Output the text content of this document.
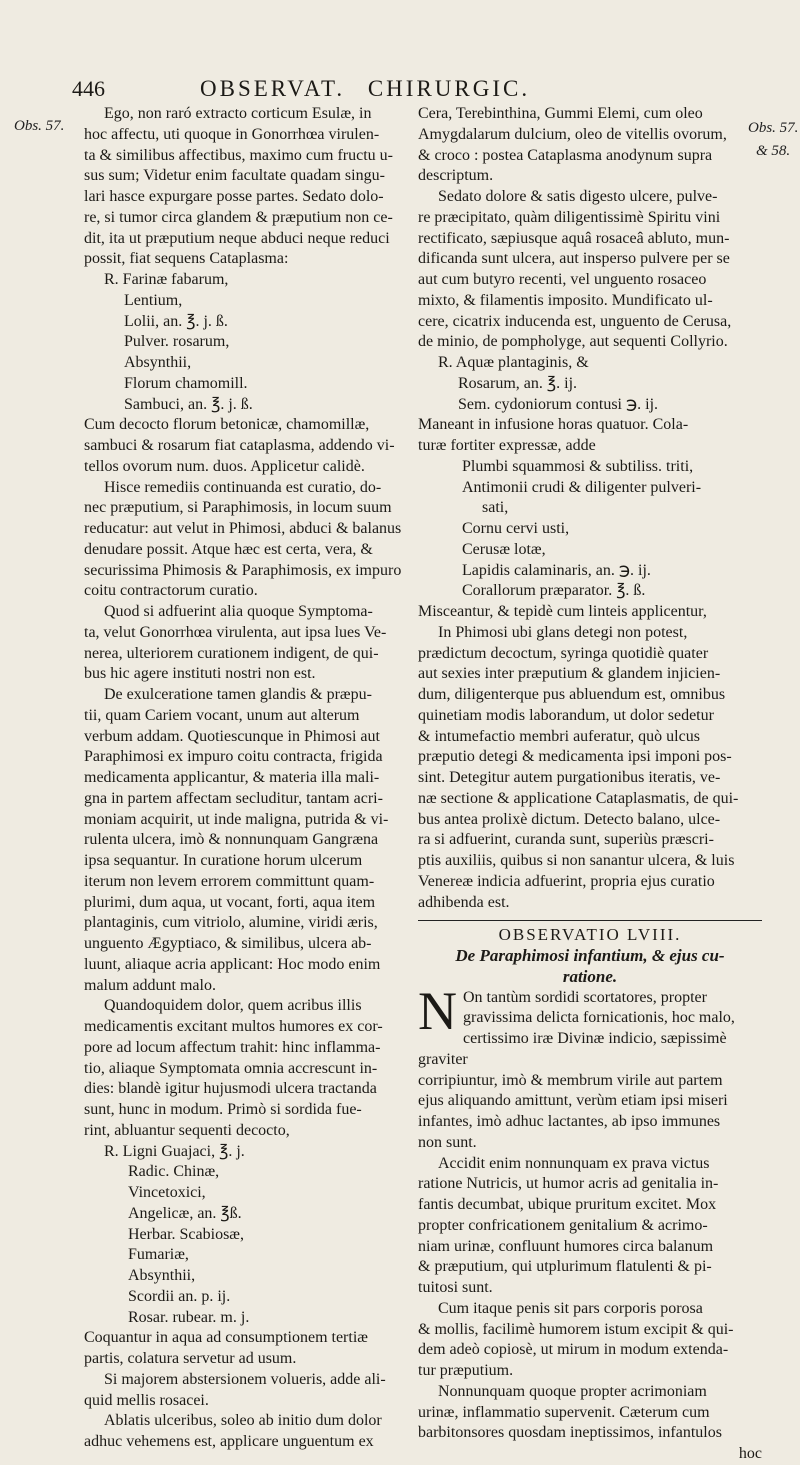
446	OBSERVAT. CHIRURGIC.
Obs. 57.	Obs. 57.
& 58.

Ego, non raró extracto corticum Esulæ, in

hoc affectu, uti quoque in Gonorrhœa virulen-

ta & similibus affectibus, maximo cum fructu u-

sus sum; Videtur enim facultate quadam singu-

lari hasce expurgare posse partes. Sedato dolo-

re, si tumor circa glandem & præputium non ce-

dit, ita ut præputium neque abduci neque reduci

possit, fiat sequens Cataplasma:

R. Farinæ fabarum,

Lentium,

Lolii, an. ℥. j. ß.

Pulver. rosarum,

Absynthii,

Florum chamomill.

Sambuci, an. ℥. j. ß.

Cum decocto florum betonicæ, chamomillæ,

sambuci & rosarum fiat cataplasma, addendo vi-

tellos ovorum num. duos. Applicetur calidè.

Hisce remediis continuanda est curatio, do-

nec præputium, si Paraphimosis, in locum suum

reducatur: aut velut in Phimosi, abduci & balanus

denudare possit. Atque hæc est certa, vera, &

securissima Phimosis & Paraphimosis, ex impuro

coitu contractorum curatio.

Quod si adfuerint alia quoque Symptoma-

ta, velut Gonorrhœa virulenta, aut ipsa lues Ve-

nerea, ulteriorem curationem indigent, de qui-

bus hic agere instituti nostri non est.

De exulceratione tamen glandis & præpu-

tii, quam Cariem vocant, unum aut alterum

verbum addam. Quotiescunque in Phimosi aut

Paraphimosi ex impuro coitu contracta, frigida

medicamenta applicantur, & materia illa mali-

gna in partem affectam secluditur, tantam acri-

moniam acquirit, ut inde maligna, putrida & vi-

rulenta ulcera, imò & nonnunquam Gangræna

ipsa sequantur. In curatione horum ulcerum

iterum non levem errorem committunt quam-

plurimi, dum aqua, ut vocant, forti, aqua item

plantaginis, cum vitriolo, alumine, viridi æris,

unguento Ægyptiaco, & similibus, ulcera ab-

luunt, aliaque acria applicant: Hoc modo enim

malum addunt malo.

Quandoquidem dolor, quem acribus illis

medicamentis excitant multos humores ex cor-

pore ad locum affectum trahit: hinc inflamma-

tio, aliaque Symptomata omnia accrescunt in-

dies: blandè igitur hujusmodi ulcera tractanda

sunt, hunc in modum. Primò si sordida fue-

rint, abluantur sequenti decocto,

R. Ligni Guajaci, ℥. j.

Radic. Chinæ,

Vincetoxici,

Angelicæ, an. ℥ß.

Herbar. Scabiosæ,

Fumariæ,

Absynthii,

Scordii an. p. ij.

Rosar. rubear. m. j.

Coquantur in aqua ad consumptionem tertiæ

partis, colatura servetur ad usum.

Si majorem abstersionem volueris, adde ali-

quid mellis rosacei.

Ablatis ulceribus, soleo ab initio dum dolor

adhuc vehemens est, applicare unguentum ex

Cera, Terebinthina, Gummi Elemi, cum oleo

Amygdalarum dulcium, oleo de vitellis ovorum,

& croco : postea Cataplasma anodynum supra

descriptum.

Sedato dolore & satis digesto ulcere, pulve-

re præcipitato, quàm diligentissimè Spiritu vini

rectificato, sæpiusque aquâ rosaceâ abluto, mun-

dificanda sunt ulcera, aut insperso pulvere per se

aut cum butyro recenti, vel unguento rosaceo

mixto, & filamentis imposito. Mundificato ul-

cere, cicatrix inducenda est, unguento de Cerusa,

de minio, de pompholyge, aut sequenti Collyrio.

R. Aquæ plantaginis, &

Rosarum, an. ℥. ij.

Sem. cydoniorum contusi ℈. ij.

Maneant in infusione horas quatuor. Cola-

turæ fortiter expressæ, adde

Plumbi squammosi & subtiliss. triti,

Antimonii crudi & diligenter pulveri-

sati,

Cornu cervi usti,

Cerusæ lotæ,

Lapidis calaminaris, an. ℈. ij.

Corallorum præparator. ℥. ß.

Misceantur, & tepidè cum linteis applicentur,

In Phimosi ubi glans detegi non potest,

prædictum decoctum, syringa quotidiè quater

aut sexies inter præputium & glandem injicien-

dum, diligenterque pus abluendum est, omnibus

quinetiam modis laborandum, ut dolor sedetur

& intumefactio membri auferatur, quò ulcus

præputio detegi & medicamenta ipsi imponi pos-

sint. Detegitur autem purgationibus iteratis, ve-

næ sectione & applicatione Cataplasmatis, de qui-

bus antea prolixè dictum. Detecto balano, ulce-

ra si adfuerint, curanda sunt, superiùs præscri-

ptis auxiliis, quibus si non sanantur ulcera, & luis

Venereæ indicia adfuerint, propria ejus curatio

adhibenda est.

OBSERVATIO LVIII.

De Paraphimosi infantium, & ejus cu-

ratione.

N On tantùm sordidi scortatores, propter

gravissima delicta fornicationis, hoc malo,

certissimo iræ Divinæ indicio, sæpissimè graviter

corripiuntur, imò & membrum virile aut partem

ejus aliquando amittunt, verùm etiam ipsi miseri

infantes, imò adhuc lactantes, ab ipso immunes

non sunt.

Accidit enim nonnunquam ex prava victus

ratione Nutricis, ut humor acris ad genitalia in-

fantis decumbat, ubique pruritum excitet. Mox

propter confricationem genitalium & acrimo-

niam urinæ, confluunt humores circa balanum

& præputium, qui utplurimum flatulenti & pi-

tuitosi sunt.

Cum itaque penis sit pars corporis porosa

& mollis, facilimè humorem istum excipit & qui-

dem adeò copiosè, ut mirum in modum extenda-

tur præputium.

Nonnunquam quoque propter acrimoniam

urinæ, inflammatio supervenit. Cæterum cum

barbitonsores quosdam ineptissimos, infantulos

hoc
